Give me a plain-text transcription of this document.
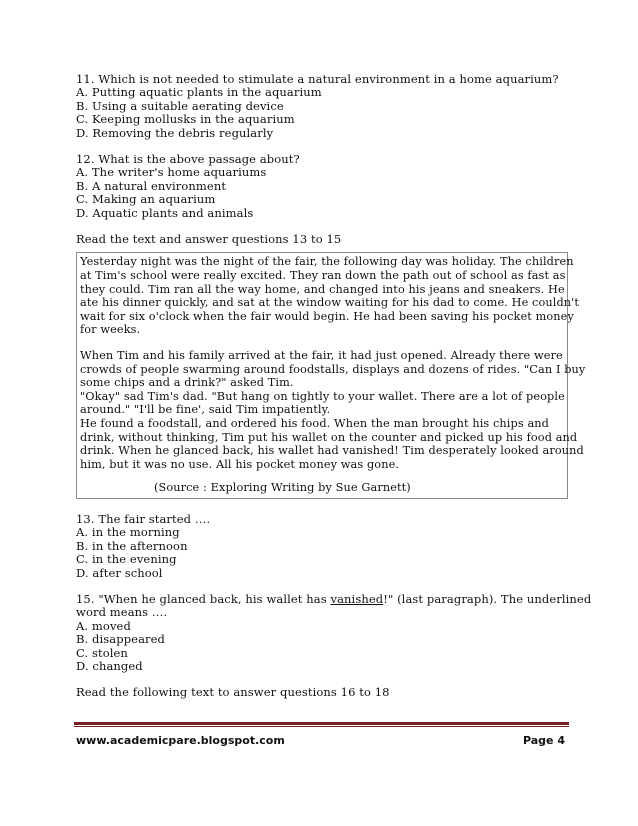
11. Which is not needed to stimulate a natural environment in a home aquarium?
A. Putting aquatic plants in the aquarium
B. Using a suitable aerating device
C. Keeping mollusks in the aquarium
D. Removing the debris regularly
12. What is the above passage about?
A. The writer's home aquariums
B. A natural environment
C. Making an aquarium
D. Aquatic plants and animals
Read the text and answer questions 13 to 15
Yesterday night was the night of the fair, the following day was holiday. The children
at Tim's school were really excited. They ran down the path out of school as fast as
they could. Tim ran all the way home, and changed into his jeans and sneakers. He
ate his dinner quickly, and sat at the window waiting for his dad to come. He couldn't
wait for six o'clock when the fair would begin. He had been saving his pocket money
for weeks.
When Tim and his family arrived at the fair, it had just opened. Already there were
crowds of people swarming around foodstalls, displays and dozens of rides. "Can I buy
some chips and a drink?" asked Tim.
"Okay" sad Tim's dad. "But hang on tightly to your wallet. There are a lot of people
around." "I'll be fine', said Tim impatiently.
He found a foodstall, and ordered his food. When the man brought his chips and
drink, without thinking, Tim put his wallet on the counter and picked up his food and
drink. When he glanced back, his wallet had vanished! Tim desperately looked around
him, but it was no use. All his pocket money was gone.
(Source : Exploring Writing by Sue Garnett)
13. The fair started ….
A. in the morning
B. in the afternoon
C. in the evening
D. after school
15. "When he glanced back, his wallet has vanished!" (last paragraph). The underlined
word means ….
A. moved
B. disappeared
C. stolen
D. changed
Read the following text to answer questions 16 to 18
www.academicpare.blogspot.com	Page 4
